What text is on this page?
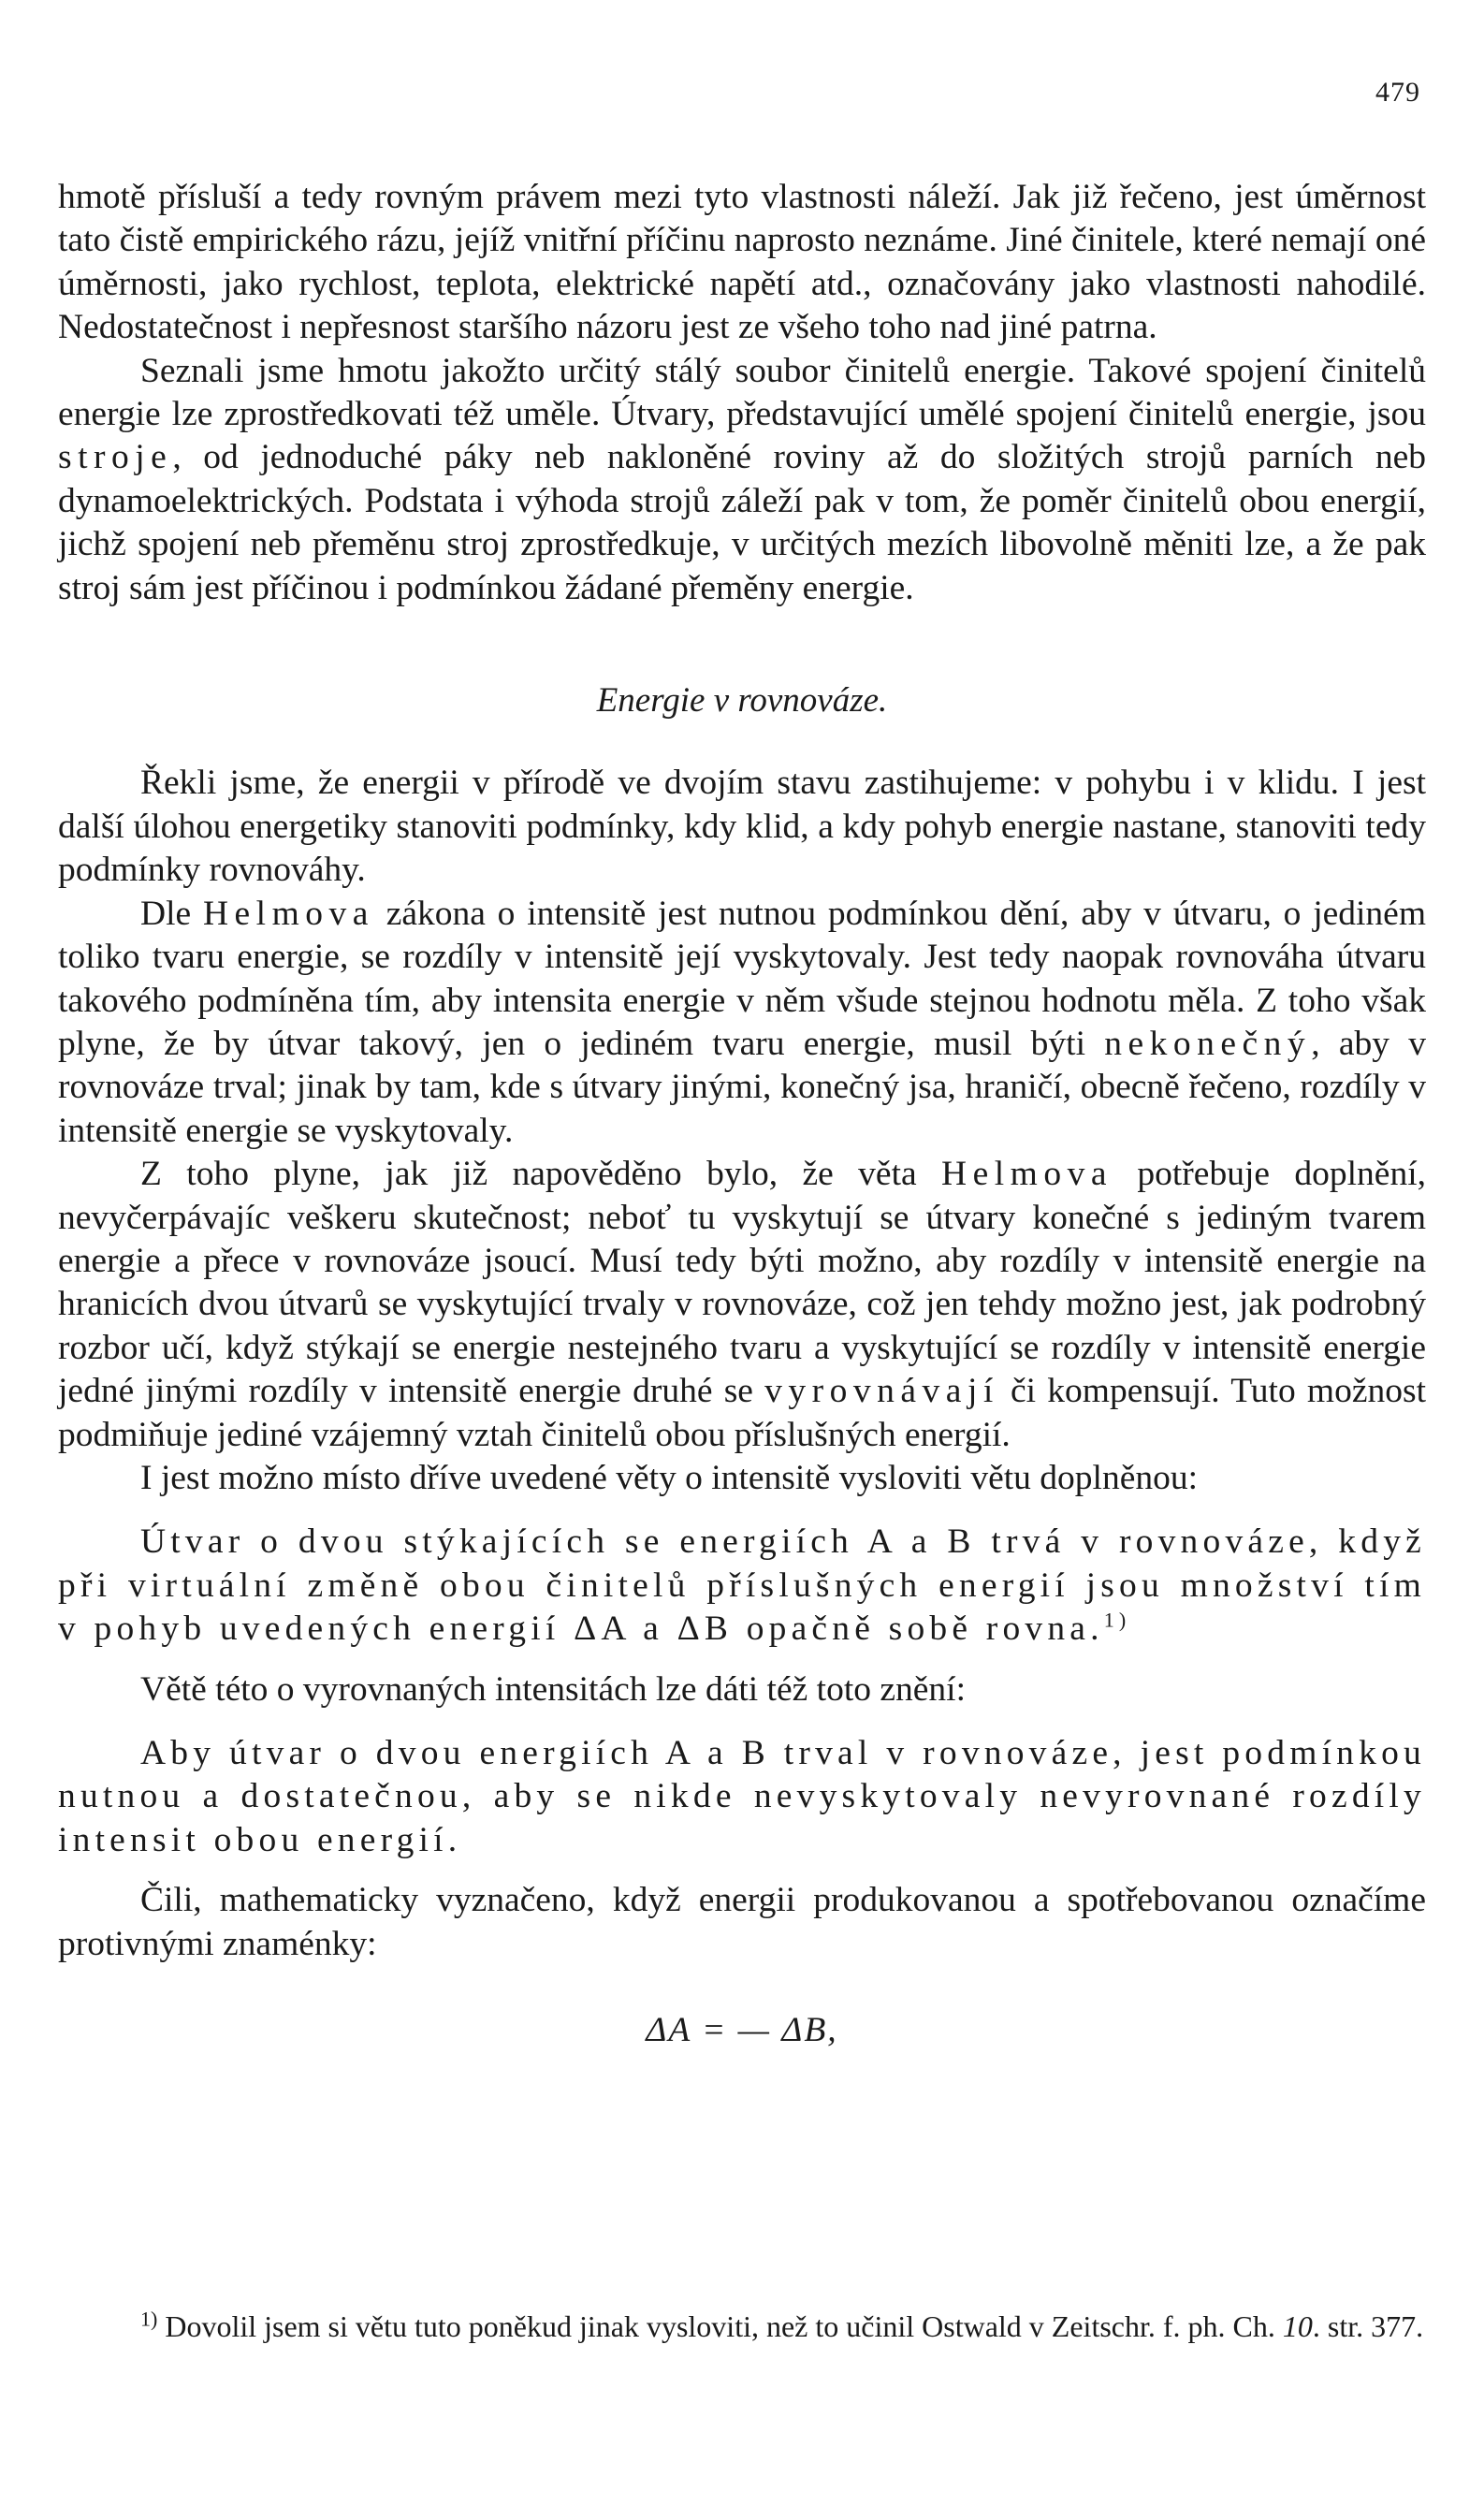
479

hmotě přísluší a tedy rovným právem mezi tyto vlastnosti náleží. Jak již řečeno, jest úměrnost tato čistě empirického rázu, jejíž vnitřní příčinu naprosto neznáme. Jiné činitele, které nemají oné úměrnosti, jako rychlost, teplota, elektrické napětí atd., označovány jako vlastnosti nahodilé. Nedostatečnost i nepřesnost staršího názoru jest ze všeho toho nad jiné patrna.

Seznali jsme hmotu jakožto určitý stálý soubor činitelů energie. Takové spojení činitelů energie lze zprostředkovati též uměle. Útvary, představující umělé spojení činitelů energie, jsou stroje, od jednoduché páky neb nakloněné roviny až do složitých strojů parních neb dynamoelektrických. Podstata i výhoda strojů záleží pak v tom, že poměr činitelů obou energií, jichž spojení neb přeměnu stroj zprostředkuje, v určitých mezích libovolně měniti lze, a že pak stroj sám jest příčinou i podmínkou žádané přeměny energie.

Energie v rovnováze.

Řekli jsme, že energii v přírodě ve dvojím stavu zastihujeme: v pohybu i v klidu. I jest další úlohou energetiky stanoviti podmínky, kdy klid, a kdy pohyb energie nastane, stanoviti tedy podmínky rovnováhy.

Dle Helmova zákona o intensitě jest nutnou podmínkou dění, aby v útvaru, o jediném toliko tvaru energie, se rozdíly v intensitě její vyskytovaly. Jest tedy naopak rovnováha útvaru takového podmíněna tím, aby intensita energie v něm všude stejnou hodnotu měla. Z toho však plyne, že by útvar takový, jen o jediném tvaru energie, musil býti nekonečný, aby v rovnováze trval; jinak by tam, kde s útvary jinými, konečný jsa, hraničí, obecně řečeno, rozdíly v intensitě energie se vyskytovaly.

Z toho plyne, jak již napověděno bylo, že věta Helmova potřebuje doplnění, nevyčerpávajíc veškeru skutečnost; neboť tu vyskytují se útvary konečné s jediným tvarem energie a přece v rovnováze jsoucí. Musí tedy býti možno, aby rozdíly v intensitě energie na hranicích dvou útvarů se vyskytující trvaly v rovnováze, což jen tehdy možno jest, jak podrobný rozbor učí, když stýkají se energie nestejného tvaru a vyskytující se rozdíly v intensitě energie jedné jinými rozdíly v intensitě energie druhé se vyrovnávají či kompensují. Tuto možnost podmiňuje jediné vzájemný vztah činitelů obou příslušných energií.

I jest možno místo dříve uvedené věty o intensitě vysloviti větu doplněnou:

Útvar o dvou stýkajících se energiích A a B trvá v rovnováze, když při virtuální změně obou činitelů příslušných energií jsou množství tím v pohyb uvedených energií ΔA a ΔB opačně sobě rovna.$^{1)}$

Větě této o vyrovnaných intensitách lze dáti též toto znění:

Aby útvar o dvou energiích A a B trval v rovnováze, jest podmínkou nutnou a dostatečnou, aby se nikde nevyskytovaly nevyrovnané rozdíly intensit obou energií.

Čili, mathematicky vyznačeno, když energii produkovanou a spotřebovanou označíme protivnými znaménky:

ΔA = — ΔB,

$^{1)}$ Dovolil jsem si větu tuto poněkud jinak vysloviti, než to učinil Ostwald v Zeitschr. f. ph. Ch. 10. str. 377.
